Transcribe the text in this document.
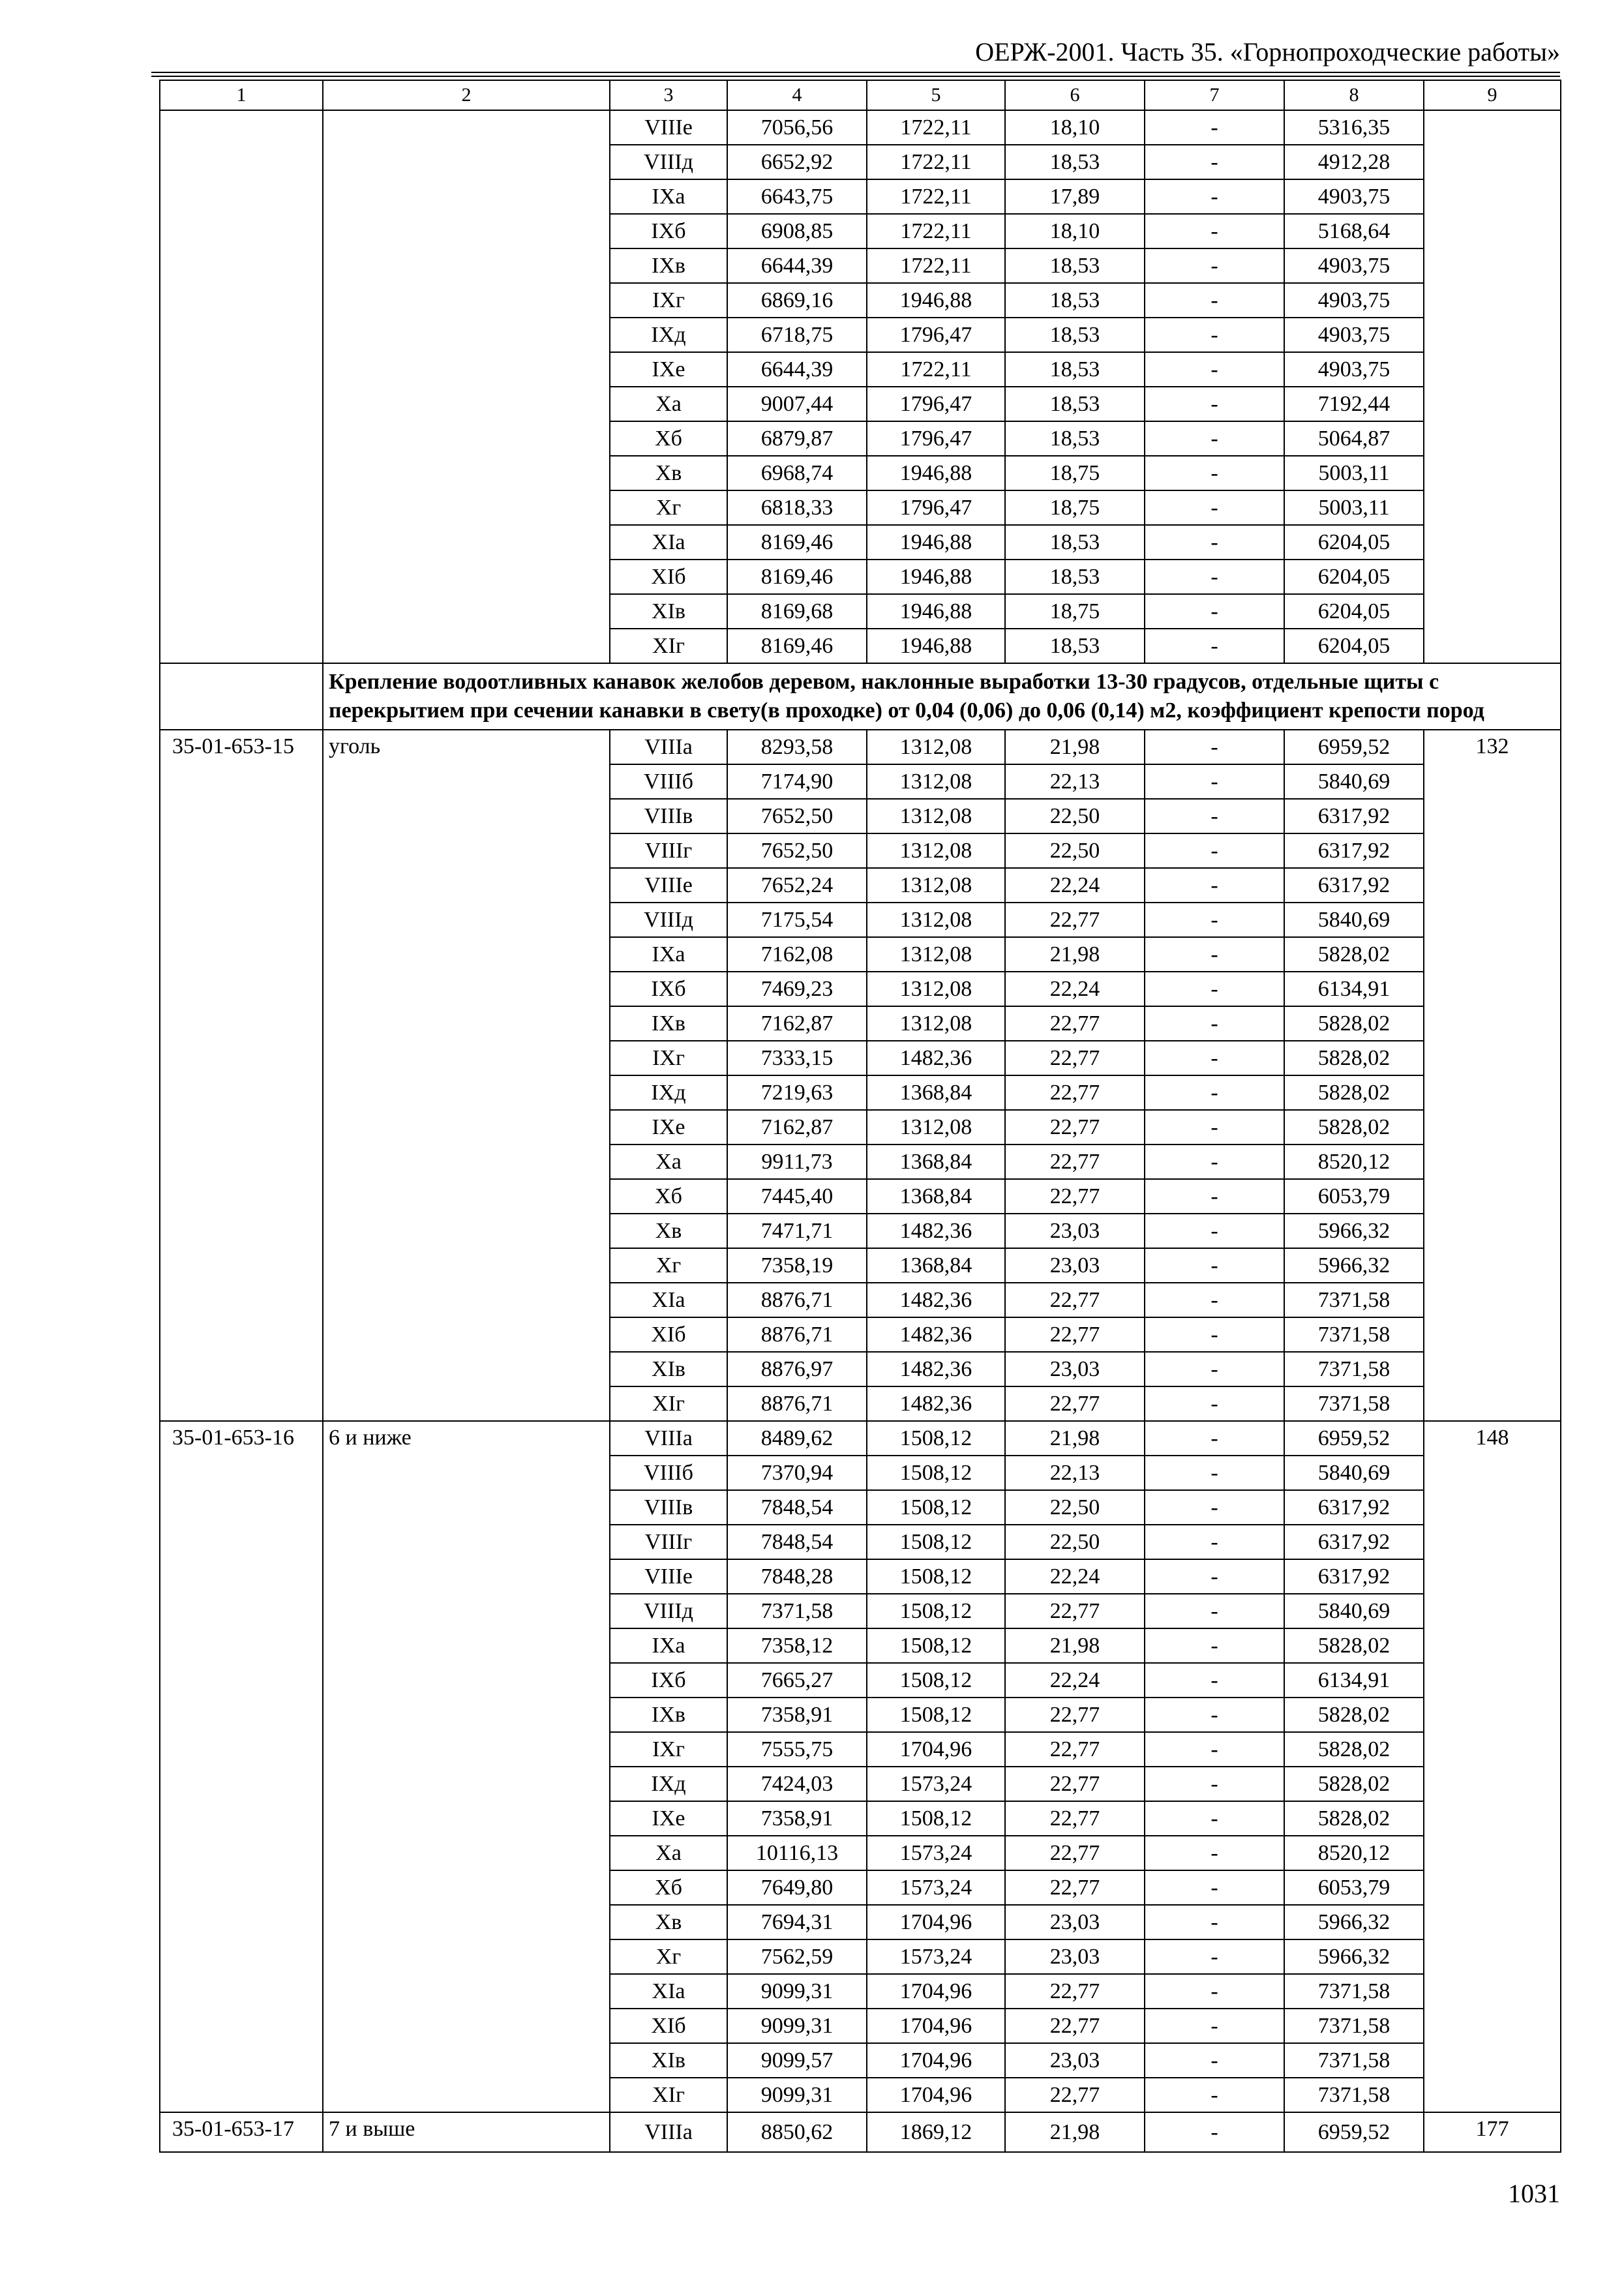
ОЕРЖ-2001. Часть 35. «Горнопроходческие работы»
1	2	3	4	5	6	7	8	9
		VIIIе	7056,56	1722,11	18,10	-	5316,35	
		VIIIд	6652,92	1722,11	18,53	-	4912,28	
		IXа	6643,75	1722,11	17,89	-	4903,75	
		IXб	6908,85	1722,11	18,10	-	5168,64	
		IXв	6644,39	1722,11	18,53	-	4903,75	
		IXг	6869,16	1946,88	18,53	-	4903,75	
		IXд	6718,75	1796,47	18,53	-	4903,75	
		IXе	6644,39	1722,11	18,53	-	4903,75	
		Xа	9007,44	1796,47	18,53	-	7192,44	
		Xб	6879,87	1796,47	18,53	-	5064,87	
		Xв	6968,74	1946,88	18,75	-	5003,11	
		Xг	6818,33	1796,47	18,75	-	5003,11	
		XIа	8169,46	1946,88	18,53	-	6204,05	
		XIб	8169,46	1946,88	18,53	-	6204,05	
		XIв	8169,68	1946,88	18,75	-	6204,05	
		XIг	8169,46	1946,88	18,53	-	6204,05	
	Крепление водоотливных канавок желобов деревом, наклонные выработки 13-30 градусов, отдельные щиты с перекрытием при сечении канавки в свету(в проходке) от 0,04 (0,06) до 0,06 (0,14) м2, коэффициент крепости пород							
35-01-653-15	уголь	VIIIа	8293,58	1312,08	21,98	-	6959,52	132
		VIIIб	7174,90	1312,08	22,13	-	5840,69	
		VIIIв	7652,50	1312,08	22,50	-	6317,92	
		VIIIг	7652,50	1312,08	22,50	-	6317,92	
		VIIIе	7652,24	1312,08	22,24	-	6317,92	
		VIIIд	7175,54	1312,08	22,77	-	5840,69	
		IXа	7162,08	1312,08	21,98	-	5828,02	
		IXб	7469,23	1312,08	22,24	-	6134,91	
		IXв	7162,87	1312,08	22,77	-	5828,02	
		IXг	7333,15	1482,36	22,77	-	5828,02	
		IXд	7219,63	1368,84	22,77	-	5828,02	
		IXе	7162,87	1312,08	22,77	-	5828,02	
		Xа	9911,73	1368,84	22,77	-	8520,12	
		Xб	7445,40	1368,84	22,77	-	6053,79	
		Xв	7471,71	1482,36	23,03	-	5966,32	
		Xг	7358,19	1368,84	23,03	-	5966,32	
		XIа	8876,71	1482,36	22,77	-	7371,58	
		XIб	8876,71	1482,36	22,77	-	7371,58	
		XIв	8876,97	1482,36	23,03	-	7371,58	
		XIг	8876,71	1482,36	22,77	-	7371,58	
35-01-653-16	6 и ниже	VIIIа	8489,62	1508,12	21,98	-	6959,52	148
		VIIIб	7370,94	1508,12	22,13	-	5840,69	
		VIIIв	7848,54	1508,12	22,50	-	6317,92	
		VIIIг	7848,54	1508,12	22,50	-	6317,92	
		VIIIе	7848,28	1508,12	22,24	-	6317,92	
		VIIIд	7371,58	1508,12	22,77	-	5840,69	
		IXа	7358,12	1508,12	21,98	-	5828,02	
		IXб	7665,27	1508,12	22,24	-	6134,91	
		IXв	7358,91	1508,12	22,77	-	5828,02	
		IXг	7555,75	1704,96	22,77	-	5828,02	
		IXд	7424,03	1573,24	22,77	-	5828,02	
		IXе	7358,91	1508,12	22,77	-	5828,02	
		Xа	10116,13	1573,24	22,77	-	8520,12	
		Xб	7649,80	1573,24	22,77	-	6053,79	
		Xв	7694,31	1704,96	23,03	-	5966,32	
		Xг	7562,59	1573,24	23,03	-	5966,32	
		XIа	9099,31	1704,96	22,77	-	7371,58	
		XIб	9099,31	1704,96	22,77	-	7371,58	
		XIв	9099,57	1704,96	23,03	-	7371,58	
		XIг	9099,31	1704,96	22,77	-	7371,58	
35-01-653-17	7 и выше	VIIIа	8850,62	1869,12	21,98	-	6959,52	177
1031
